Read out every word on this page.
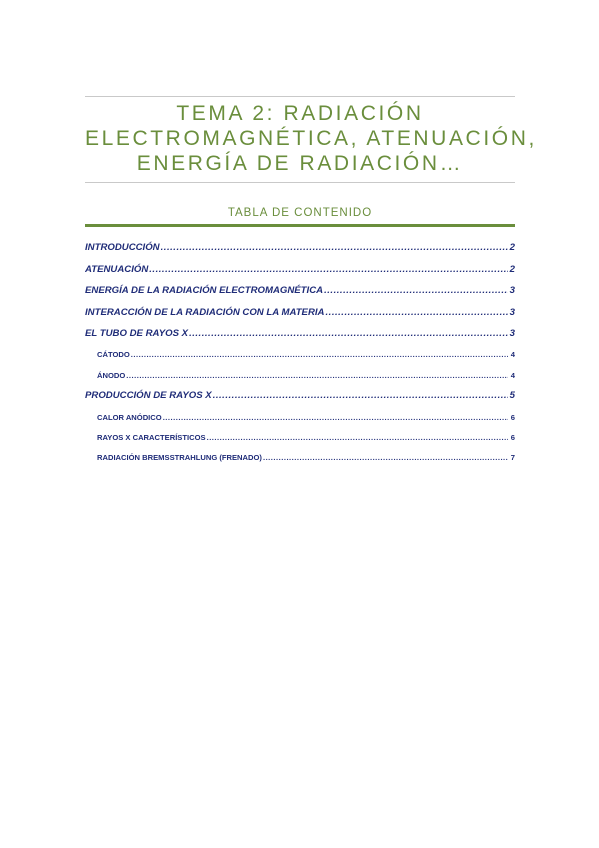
TEMA 2: RADIACIÓN
ELECTROMAGNÉTICA, ATENUACIÓN,
ENERGÍA DE RADIACIÓN…
TABLA DE CONTENIDO
INTRODUCCIÓN .....	2
ATENUACIÓN .....	2
ENERGÍA DE LA RADIACIÓN ELECTROMAGNÉTICA .....	3
INTERACCIÓN DE LA RADIACIÓN CON LA MATERIA .....	3
EL TUBO DE RAYOS X .....	3
CÁTODO .....	4
ÁNODO .....	4
PRODUCCIÓN DE RAYOS X .....	5
CALOR ANÓDICO .....	6
RAYOS X CARACTERÍSTICOS .....	6
RADIACIÓN BREMSSTRAHLUNG (FRENADO) .....	7
